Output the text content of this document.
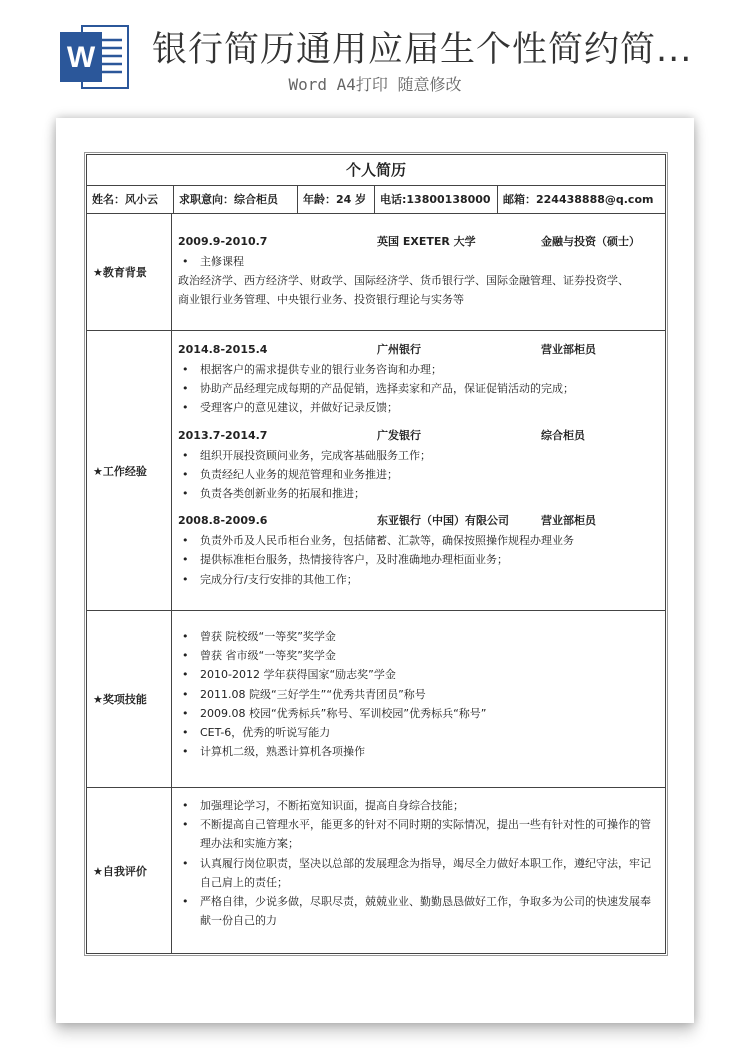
W 银行简历通用应届生个性简约简...
Word A4打印 随意修改
个人简历
姓名：风小云	求职意向：综合柜员	年龄：24 岁	电话:13800138000	邮箱：224438888@q.com
★教育背景
2009.9-2010.7	英国 EXETER 大学	金融与投资（硕士）
• 主修课程
政治经济学、西方经济学、财政学、国际经济学、货币银行学、国际金融管理、证券投资学、
商业银行业务管理、中央银行业务、投资银行理论与实务等
★工作经验
2014.8-2015.4	广州银行	营业部柜员
• 根据客户的需求提供专业的银行业务咨询和办理；
• 协助产品经理完成每期的产品促销，选择卖家和产品，保证促销活动的完成；
• 受理客户的意见建议，并做好记录反馈；
2013.7-2014.7	广发银行	综合柜员
• 组织开展投资顾问业务，完成客基础服务工作；
• 负责经纪人业务的规范管理和业务推进；
• 负责各类创新业务的拓展和推进；
2008.8-2009.6	东亚银行（中国）有限公司	营业部柜员
• 负责外币及人民币柜台业务，包括储蓄、汇款等，确保按照操作规程办理业务
• 提供标准柜台服务，热情接待客户，及时准确地办理柜面业务；
• 完成分行/支行安排的其他工作；
★奖项技能
• 曾获 院校级“一等奖”奖学金
• 曾获 省市级“一等奖”奖学金
• 2010-2012 学年获得国家“励志奖”学金
• 2011.08 院级“三好学生”“优秀共青团员”称号
• 2009.08 校园“优秀标兵”称号、军训校园”优秀标兵“称号”
• CET-6，优秀的听说写能力
• 计算机二级，熟悉计算机各项操作
★自我评价
• 加强理论学习，不断拓宽知识面，提高自身综合技能；
• 不断提高自己管理水平，能更多的针对不同时期的实际情况，提出一些有针对性的可操作的管
理办法和实施方案；
• 认真履行岗位职责，坚决以总部的发展理念为指导，竭尽全力做好本职工作，遵纪守法，牢记
自己肩上的责任；
• 严格自律，少说多做，尽职尽责，兢兢业业、勤勤恳恳做好工作，争取多为公司的快速发展奉
献一份自己的力
